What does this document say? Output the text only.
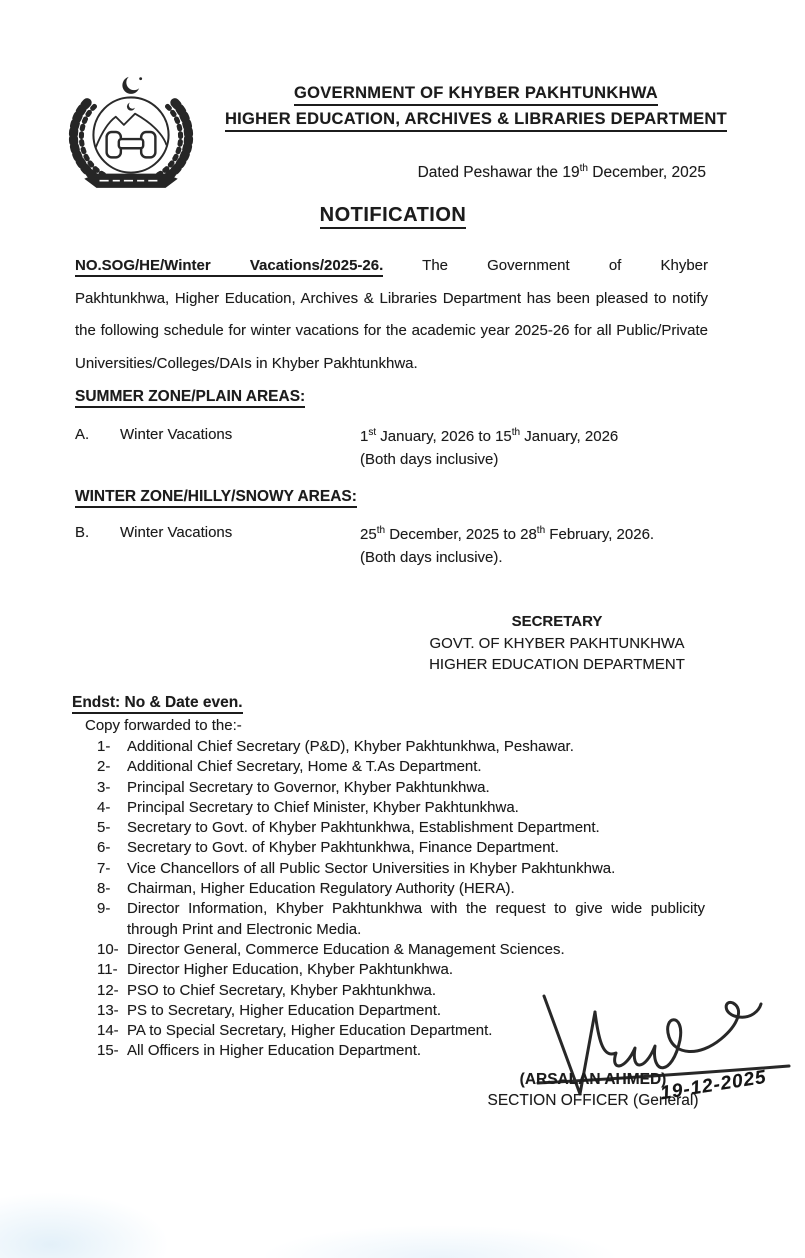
GOVERNMENT OF KHYBER PAKHTUNKHWA
HIGHER EDUCATION, ARCHIVES & LIBRARIES DEPARTMENT
Dated Peshawar the 19th December, 2025
NOTIFICATION
NO.SOG/HE/Winter Vacations/2025-26.	The Government of Khyber
Pakhtunkhwa, Higher Education, Archives & Libraries Department has been pleased to notify the following schedule for winter vacations for the academic year 2025-26 for all Public/Private Universities/Colleges/DAIs in Khyber Pakhtunkhwa.
SUMMER ZONE/PLAIN AREAS:
A. Winter Vacations	1st January, 2026 to 15th January, 2026
(Both days inclusive)
WINTER ZONE/HILLY/SNOWY AREAS:
B. Winter Vacations	25th December, 2025 to 28th February, 2026.
(Both days inclusive).
SECRETARY
GOVT. OF KHYBER PAKHTUNKHWA
HIGHER EDUCATION DEPARTMENT
Endst: No & Date even.
Copy forwarded to the:-
1-	Additional Chief Secretary (P&D), Khyber Pakhtunkhwa, Peshawar.
2-	Additional Chief Secretary, Home & T.As Department.
3-	Principal Secretary to Governor, Khyber Pakhtunkhwa.
4-	Principal Secretary to Chief Minister, Khyber Pakhtunkhwa.
5-	Secretary to Govt. of Khyber Pakhtunkhwa, Establishment Department.
6-	Secretary to Govt. of Khyber Pakhtunkhwa, Finance Department.
7-	Vice Chancellors of all Public Sector Universities in Khyber Pakhtunkhwa.
8-	Chairman, Higher Education Regulatory Authority (HERA).
9-	Director Information, Khyber Pakhtunkhwa with the request to give wide publicity through Print and Electronic Media.
10- Director General, Commerce Education & Management Sciences.
11- Director Higher Education, Khyber Pakhtunkhwa.
12- PSO to Chief Secretary, Khyber Pakhtunkhwa.
13- PS to Secretary, Higher Education Department.
14- PA to Special Secretary, Higher Education Department.
15- All Officers in Higher Education Department.
(ARSALAN AHMED)
SECTION OFFICER (General)
19-12-2025
